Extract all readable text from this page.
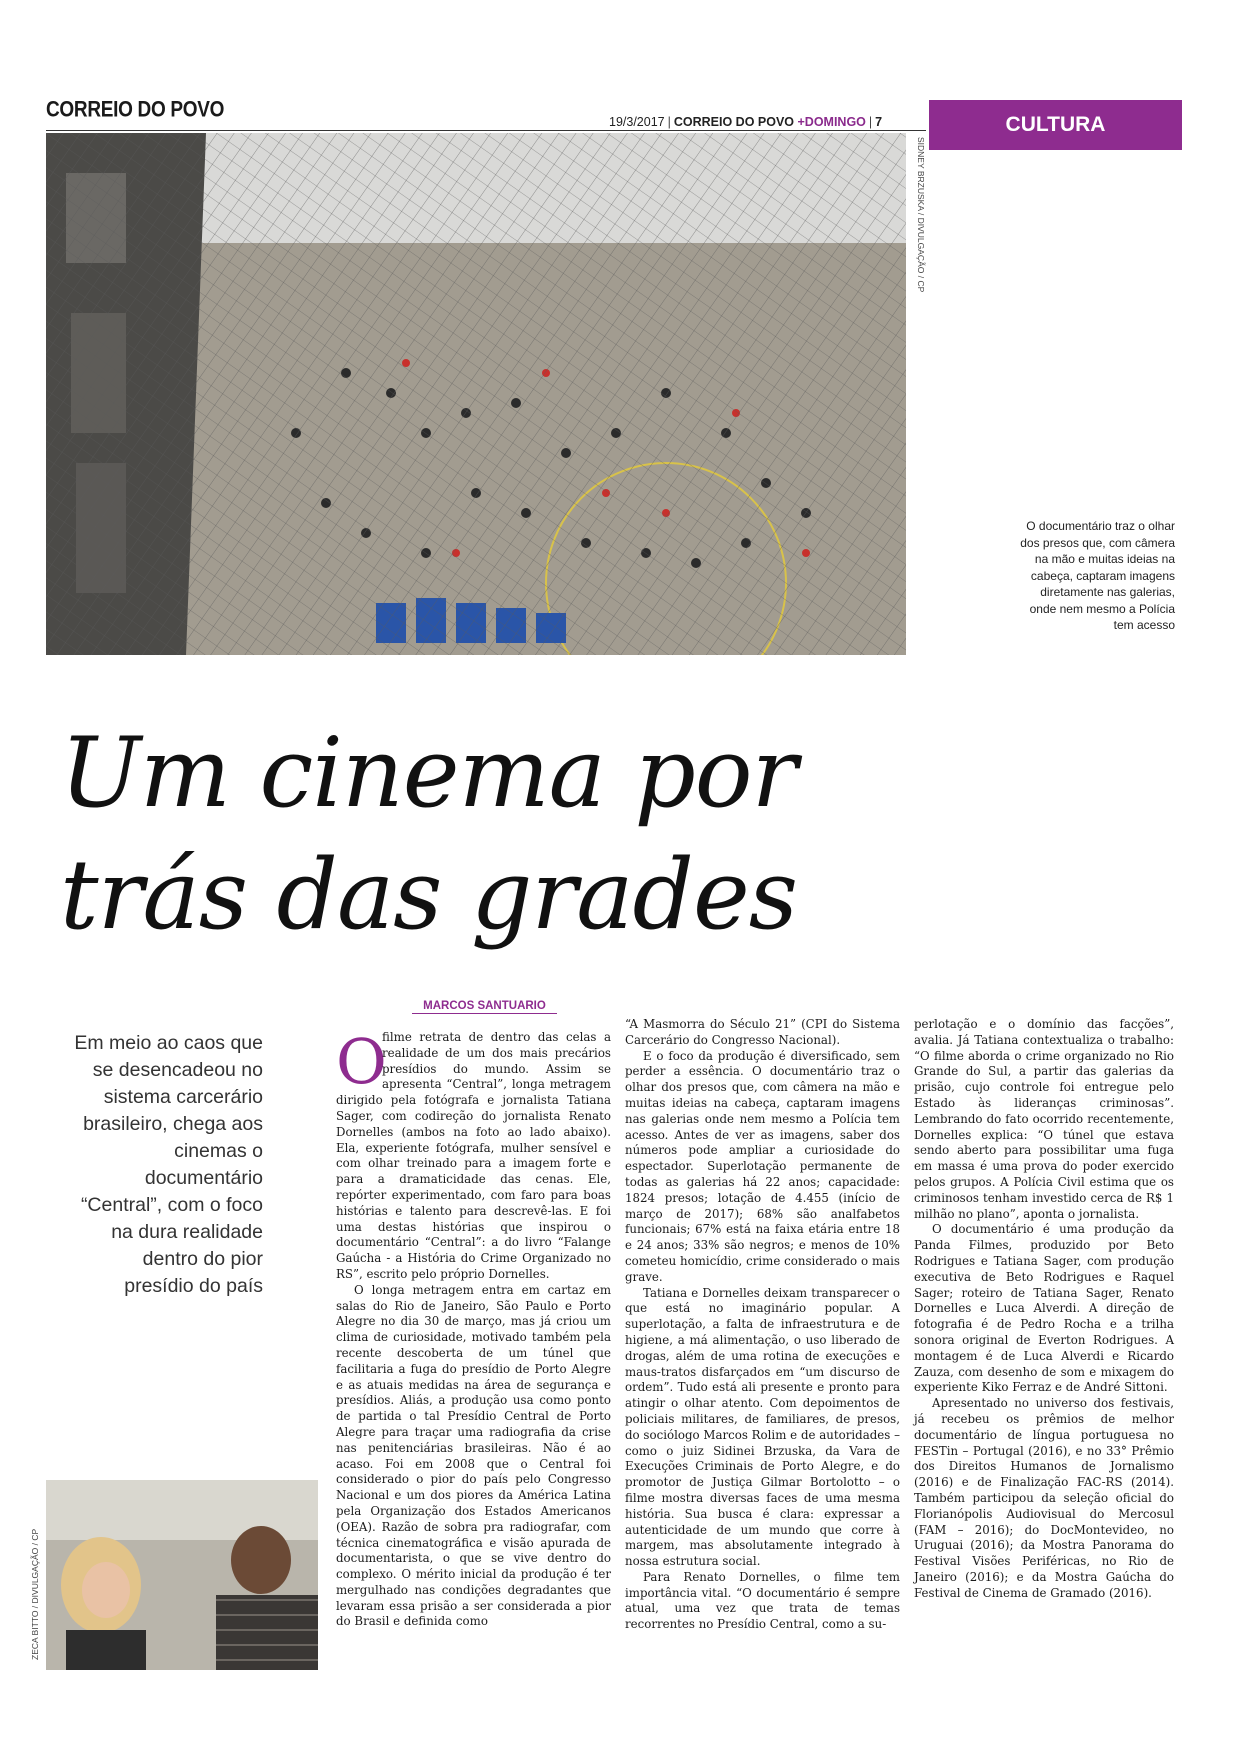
CORREIO DO POVO	19/3/2017 | CORREIO DO POVO +DOMINGO | 7	CULTURA
SIDNEY BRZUSKA / DIVULGAÇÃO / CP
O documentário traz o olhar dos presos que, com câmera na mão e muitas ideias na cabeça, captaram imagens diretamente nas galerias, onde nem mesmo a Polícia tem acesso
Um cinema por
trás das grades
MARCOS SANTUARIO
Em meio ao caos que se desencadeou no sistema carcerário brasileiro, chega aos cinemas o documentário “Central”, com o foco na dura realidade dentro do pior presídio do país

O
filme retrata de dentro das celas a realidade de um dos mais precários presídios do mundo. Assim se apresenta “Central”, longa metragem dirigido pela fotógrafa e jornalista Tatiana Sager, com codireção do jornalista Renato Dornelles (ambos na foto ao lado abaixo). Ela, experiente fotógrafa, mulher sensível e com olhar treinado para a imagem forte e para a dramaticidade das cenas. Ele, repórter experimentado, com faro para boas histórias e talento para descrevê-las. E foi uma destas histórias que inspirou o documentário “Central”: a do livro “Falange Gaúcha - a História do Crime Organizado no RS”, escrito pelo próprio Dornelles.

O longa metragem entra em cartaz em salas do Rio de Janeiro, São Paulo e Porto Alegre no dia 30 de março, mas já criou um clima de curiosidade, motivado também pela recente descoberta de um túnel que facilitaria a fuga do presídio de Porto Alegre e as atuais medidas na área de segurança e presídios. Aliás, a produção usa como ponto de partida o tal Presídio Central de Porto Alegre para traçar uma radiografia da crise nas penitenciárias brasileiras. Não é ao acaso. Foi em 2008 que o Central foi considerado o pior do país pelo Congresso Nacional e um dos piores da América Latina pela Organização dos Estados Americanos (OEA). Razão de sobra pra radiografar, com técnica cinematográfica e visão apurada de documentarista, o que se vive dentro do complexo. O mérito inicial da produção é ter mergulhado nas condições degradantes que levaram essa prisão a ser considerada a pior do Brasil e definida como

“A Masmorra do Século 21” (CPI do Sistema Carcerário do Congresso Nacional).

E o foco da produção é diversificado, sem perder a essência. O documentário traz o olhar dos presos que, com câmera na mão e muitas ideias na cabeça, captaram imagens nas galerias onde nem mesmo a Polícia tem acesso. Antes de ver as imagens, saber dos números pode ampliar a curiosidade do espectador. Superlotação permanente de todas as galerias há 22 anos; capacidade: 1824 presos; lotação de 4.455 (início de março de 2017); 68% são analfabetos funcionais; 67% está na faixa etária entre 18 e 24 anos; 33% são negros; e menos de 10% cometeu homicídio, crime considerado o mais grave.

Tatiana e Dornelles deixam transparecer o que está no imaginário popular. A superlotação, a falta de infraestrutura e de higiene, a má alimentação, o uso liberado de drogas, além de uma rotina de execuções e maus-tratos disfarçados em “um discurso de ordem”. Tudo está ali presente e pronto para atingir o olhar atento. Com depoimentos de policiais militares, de familiares, de presos, do sociólogo Marcos Rolim e de autoridades – como o juiz Sidinei Brzuska, da Vara de Execuções Criminais de Porto Alegre, e do promotor de Justiça Gilmar Bortolotto – o filme mostra diversas faces de uma mesma história. Sua busca é clara: expressar a autenticidade de um mundo que corre à margem, mas absolutamente integrado à nossa estrutura social.

Para Renato Dornelles, o filme tem importância vital. “O documentário é sempre atual, uma vez que trata de temas recorrentes no Presídio Central, como a su-

perlotação e o domínio das facções”, avalia. Já Tatiana contextualiza o trabalho: “O filme aborda o crime organizado no Rio Grande do Sul, a partir das galerias da prisão, cujo controle foi entregue pelo Estado às lideranças criminosas”. Lembrando do fato ocorrido recentemente, Dornelles explica: “O túnel que estava sendo aberto para possibilitar uma fuga em massa é uma prova do poder exercido pelos grupos. A Polícia Civil estima que os criminosos tenham investido cerca de R$ 1 milhão no plano”, aponta o jornalista.

O documentário é uma produção da Panda Filmes, produzido por Beto Rodrigues e Tatiana Sager, com produção executiva de Beto Rodrigues e Raquel Sager; roteiro de Tatiana Sager, Renato Dornelles e Luca Alverdi. A direção de fotografia é de Pedro Rocha e a trilha sonora original de Everton Rodrigues. A montagem é de Luca Alverdi e Ricardo Zauza, com desenho de som e mixagem do experiente Kiko Ferraz e de André Sittoni.

Apresentado no universo dos festivais, já recebeu os prêmios de melhor documentário de língua portuguesa no FESTin – Portugal (2016), e no 33° Prêmio dos Direitos Humanos de Jornalismo (2016) e de Finalização FAC-RS (2014). Também participou da seleção oficial do Florianópolis Audiovisual do Mercosul (FAM – 2016); do DocMontevideo, no Uruguai (2016); da Mostra Panorama do Festival Visões Periféricas, no Rio de Janeiro (2016); e da Mostra Gaúcha do Festival de Cinema de Gramado (2016).

ZECA BITTO / DIVULGAÇÃO / CP
